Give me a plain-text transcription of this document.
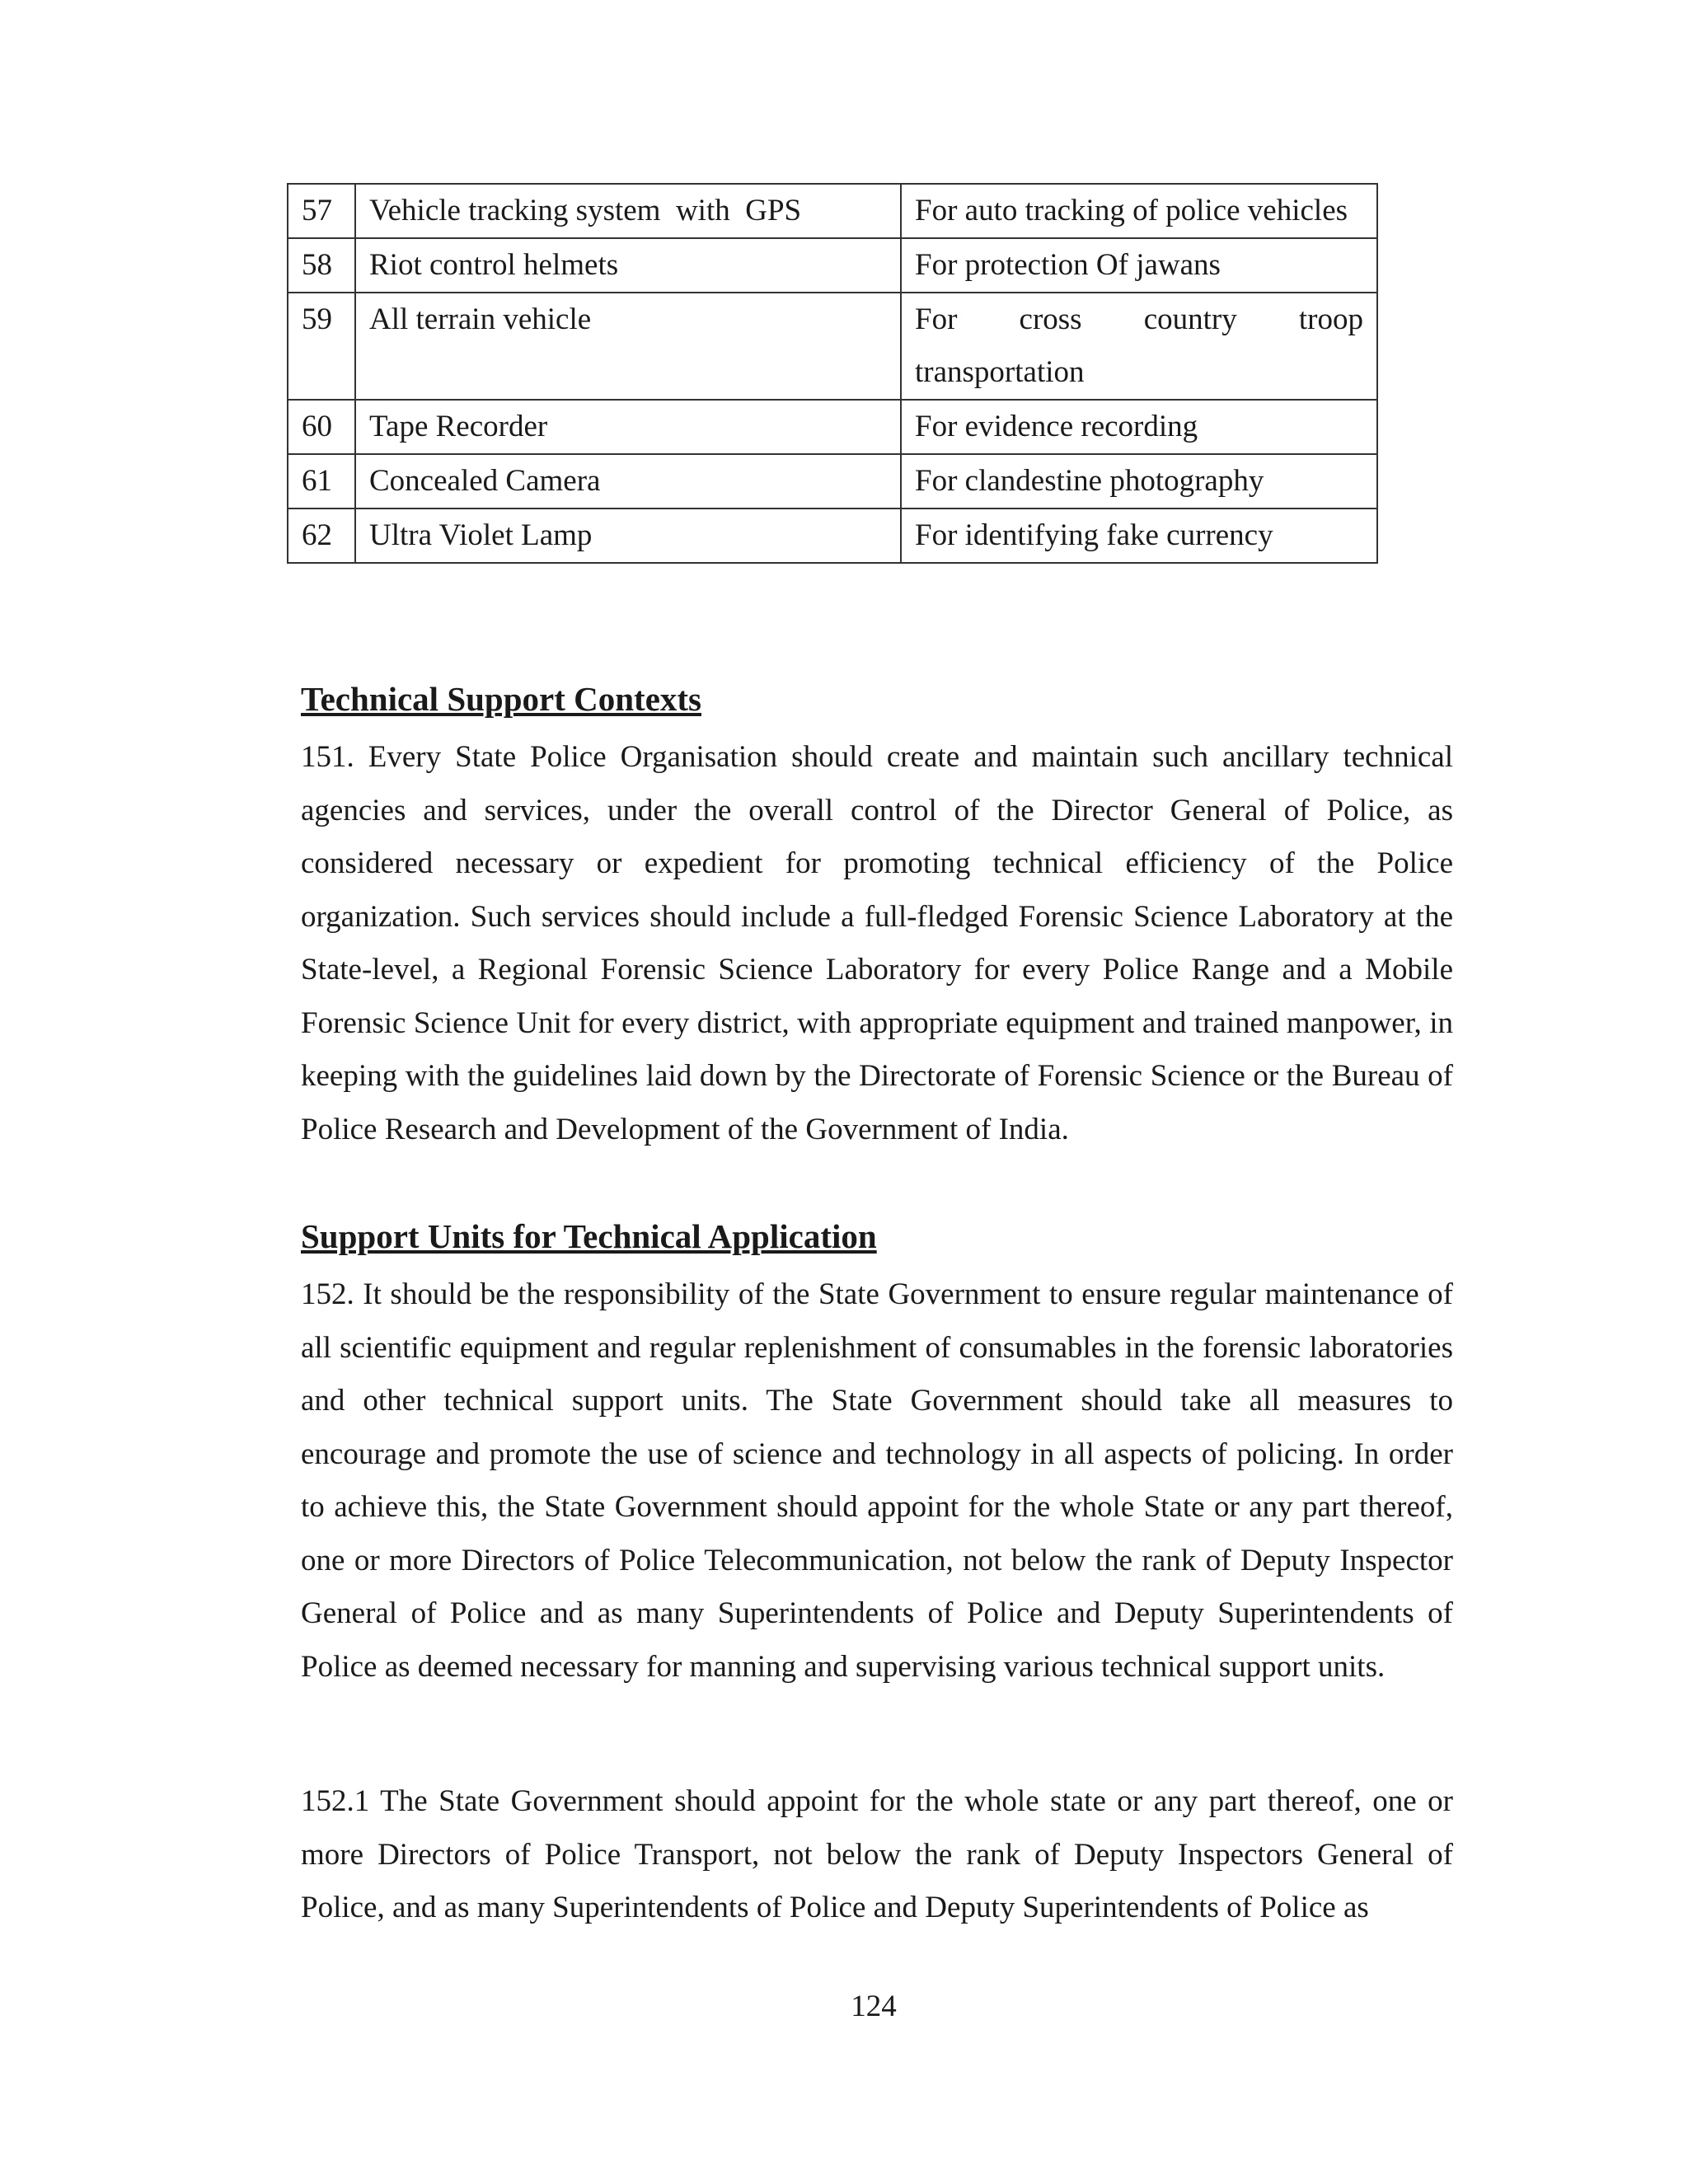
57	Vehicle tracking system  with  GPS	For auto tracking of police vehicles
58	Riot control helmets	For protection Of jawans
59	All terrain vehicle	For cross country troop transportation
60	Tape Recorder	For evidence recording
61	Concealed Camera	For clandestine photography
62	Ultra Violet Lamp	For identifying fake currency
Technical Support Contexts

151. Every State Police Organisation should create and maintain such ancillary technical agencies and services, under the overall control of the Director General of Police, as considered necessary or expedient for promoting technical efficiency of the Police organization. Such services should include a full-fledged Forensic Science Laboratory at the State-level, a Regional Forensic Science Laboratory for every Police Range and a Mobile Forensic Science Unit for every district, with appropriate equipment and trained manpower, in keeping with the guidelines laid down by the Directorate of Forensic Science or the Bureau of Police Research and Development of the Government of India.

Support Units for Technical Application

152. It should be the responsibility of the State Government to ensure regular maintenance of all scientific equipment and regular replenishment of consumables in the forensic laboratories and other technical support units. The State Government should take all measures to encourage and promote the use of science and technology in all aspects of policing. In order to achieve this, the State Government should appoint for the whole State or any part thereof, one or more Directors of Police Telecommunication, not below the rank of Deputy Inspector General of Police and as many Superintendents of Police and Deputy Superintendents of Police as deemed necessary for manning and supervising various technical support units.

152.1 The State Government should appoint for the whole state or any part thereof, one or more Directors of Police Transport, not below the rank of Deputy Inspectors General of Police, and as many Superintendents of Police and Deputy Superintendents of Police as

124
